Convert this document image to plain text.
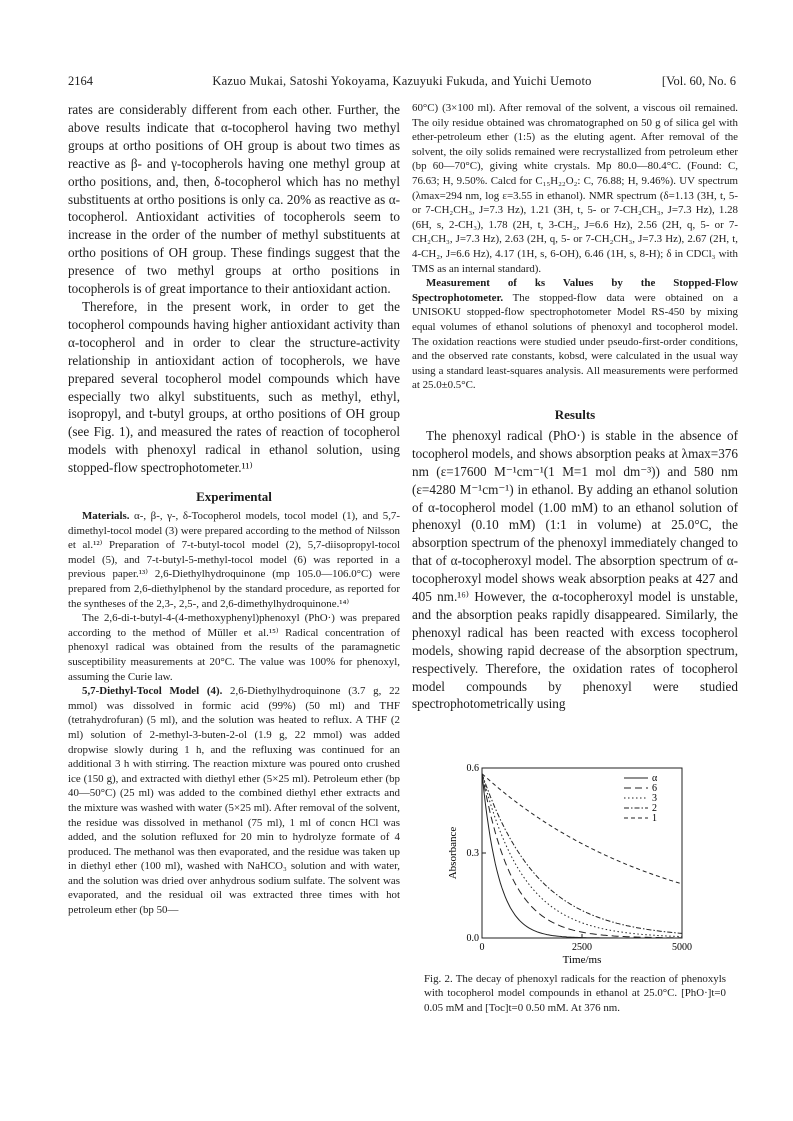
2164	Kazuo Mukai, Satoshi Yokoyama, Kazuyuki Fukuda, and Yuichi Uemoto	[Vol. 60, No. 6

rates are considerably different from each other. Further, the above results indicate that α-tocopherol having two methyl groups at ortho positions of OH group is about two times as reactive as β- and γ-tocopherols having one methyl group at ortho positions, and, then, δ-tocopherol which has no methyl substituents at ortho positions is only ca. 20% as reactive as α-tocopherol. Antioxidant activities of tocopherols seem to increase in the order of the number of methyl substituents at ortho positions of OH group. These findings suggest that the presence of two methyl groups at ortho positions in tocopherols is of great importance to their antioxidant action.

Therefore, in the present work, in order to get the tocopherol compounds having higher antioxidant activity than α-tocopherol and in order to clear the structure-activity relationship in antioxidant action of tocopherols, we have prepared several tocopherol model compounds which have especially two alkyl substituents, such as methyl, ethyl, isopropyl, and t-butyl groups, at ortho positions of OH group (see Fig. 1), and measured the rates of reaction of tocopherol models with phenoxyl radical in ethanol solution, using stopped-flow spectrophotometer.¹¹⁾

Experimental

Materials. α-, β-, γ-, δ-Tocopherol models, tocol model (1), and 5,7-dimethyl-tocol model (3) were prepared according to the method of Nilsson et al.¹²⁾ Preparation of 7-t-butyl-tocol model (2), 5,7-diisopropyl-tocol model (5), and 7-t-butyl-5-methyl-tocol model (6) was reported in a previous paper.¹³⁾ 2,6-Diethylhydroquinone (mp 105.0—106.0°C) were prepared from 2,6-diethylphenol by the standard procedure, as reported for the syntheses of the 2,3-, 2,5-, and 2,6-dimethylhydroquinone.¹⁴⁾

The 2,6-di-t-butyl-4-(4-methoxyphenyl)phenoxyl (PhO·) was prepared according to the method of Müller et al.¹⁵⁾ Radical concentration of phenoxyl radical was obtained from the results of the paramagnetic susceptibility measurements at 20°C. The value was 100% for phenoxyl, assuming the Curie law.

5,7-Diethyl-Tocol Model (4). 2,6-Diethylhydroquinone (3.7 g, 22 mmol) was dissolved in formic acid (99%) (50 ml) and THF (tetrahydrofuran) (5 ml), and the solution was heated to reflux. A THF (2 ml) solution of 2-methyl-3-buten-2-ol (1.9 g, 22 mmol) was added dropwise slowly during 1 h, and the refluxing was continued for an additional 3 h with stirring. The reaction mixture was poured onto crushed ice (150 g), and extracted with diethyl ether (5×25 ml). Petroleum ether (bp 40—50°C) (25 ml) was added to the combined diethyl ether extracts and the mixture was washed with water (5×25 ml). After removal of the solvent, the residue was dissolved in methanol (75 ml), 1 ml of concn HCl was added, and the solution refluxed for 20 min to hydrolyze formate of 4 produced. The methanol was then evaporated, and the residue was taken up in diethyl ether (100 ml), washed with NaHCO₃ solution and with water, and the solution was dried over anhydrous sodium sulfate. The solvent was evaporated, and the residual oil was extracted three times with hot petroleum ether (bp 50—

60°C) (3×100 ml). After removal of the solvent, a viscous oil remained. The oily residue obtained was chromatographed on 50 g of silica gel with ether-petroleum ether (1:5) as the eluting agent. After removal of the solvent, the oily solids remained were recrystallized from petroleum ether (bp 60—70°C), giving white crystals. Mp 80.0—80.4°C. (Found: C, 76.63; H, 9.50%. Calcd for C₁₅H₂₂O₂: C, 76.88; H, 9.46%). UV spectrum (λmax=294 nm, log ε=3.55 in ethanol). NMR spectrum (δ=1.13 (3H, t, 5- or 7-CH₂CH₃, J=7.3 Hz), 1.21 (3H, t, 5- or 7-CH₂CH₃, J=7.3 Hz), 1.28 (6H, s, 2-CH₃), 1.78 (2H, t, 3-CH₂, J=6.6 Hz), 2.56 (2H, q, 5- or 7-CH₂CH₃, J=7.3 Hz), 2.63 (2H, q, 5- or 7-CH₂CH₃, J=7.3 Hz), 2.67 (2H, t, 4-CH₂, J=6.6 Hz), 4.17 (1H, s, 6-OH), 6.46 (1H, s, 8-H); δ in CDCl₃ with TMS as an internal standard).

Measurement of ks Values by the Stopped-Flow Spectrophotometer. The stopped-flow data were obtained on a UNISOKU stopped-flow spectrophotometer Model RS-450 by mixing equal volumes of ethanol solutions of phenoxyl and tocopherol model. The oxidation reactions were studied under pseudo-first-order conditions, and the observed rate constants, kobsd, were calculated in the usual way using a standard least-squares analysis. All measurements were performed at 25.0±0.5°C.

Results

The phenoxyl radical (PhO·) is stable in the absence of tocopherol models, and shows absorption peaks at λmax=376 nm (ε=17600 M⁻¹cm⁻¹(1 M=1 mol dm⁻³)) and 580 nm (ε=4280 M⁻¹cm⁻¹) in ethanol. By adding an ethanol solution of α-tocopherol model (1.00 mM) to an ethanol solution of phenoxyl (0.10 mM) (1:1 in volume) at 25.0°C, the absorption spectrum of the phenoxyl immediately changed to that of α-tocopheroxyl model. The absorption spectrum of α-tocopheroxyl model shows weak absorption peaks at 427 and 405 nm.¹⁶⁾ However, the α-tocopheroxyl model is unstable, and the absorption peaks rapidly disappeared. Similarly, the phenoxyl radical has been reacted with excess tocopherol models, showing rapid decrease of the absorption spectrum, respectively. Therefore, the oxidation rates of tocopherol model compounds by phenoxyl were studied spectrophotometrically using

0	2500	5000
0.0
0.3
0.6
Time/ms
Absorbance
α
6
3
2
1

Fig. 2. The decay of phenoxyl radicals for the reaction of phenoxyls with tocopherol model compounds in ethanol at 25.0°C. [PhO·]t=0 0.05 mM and [Toc]t=0 0.50 mM. At 376 nm.
